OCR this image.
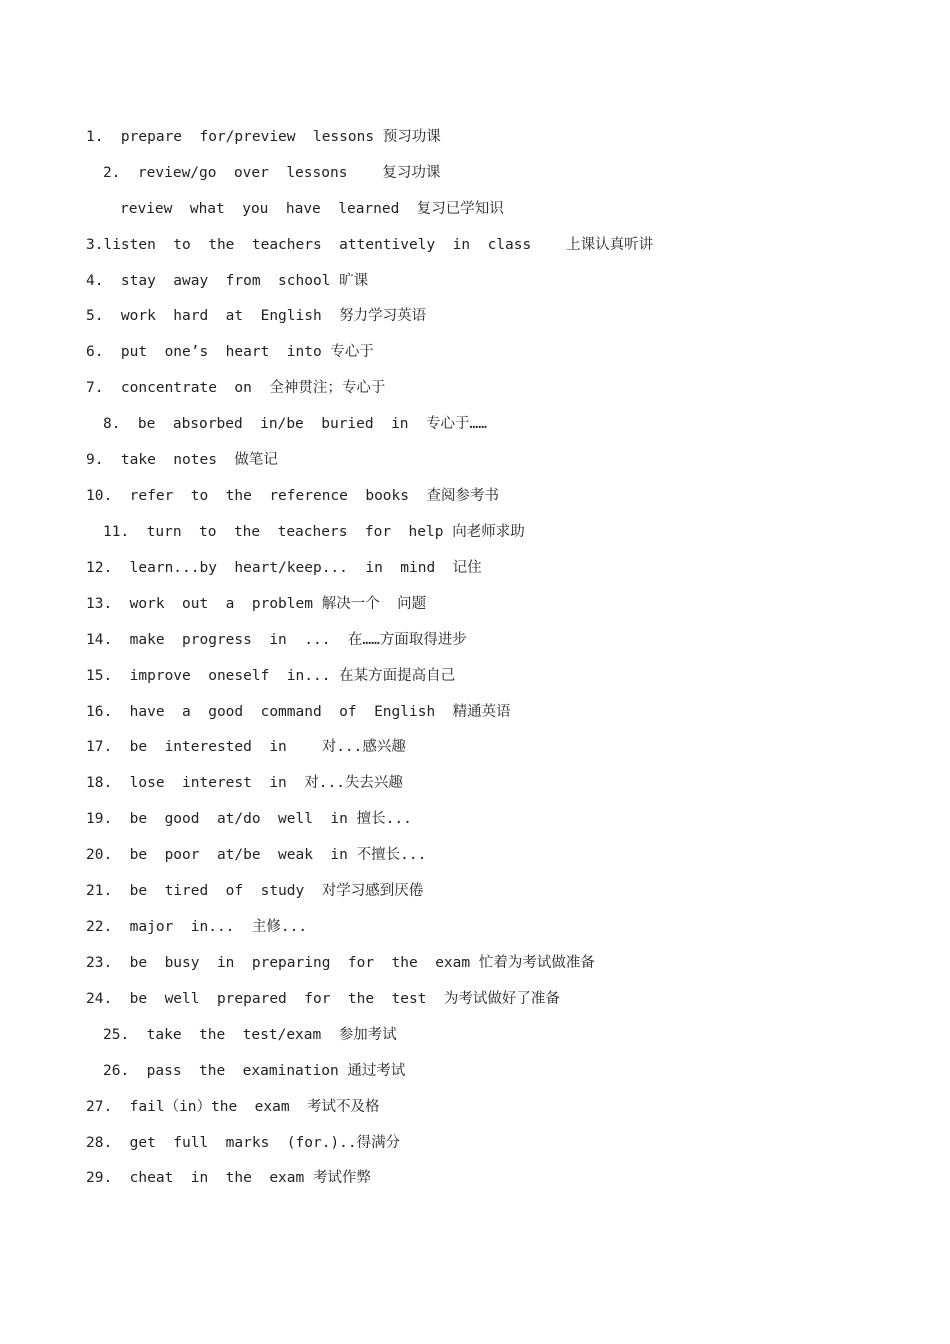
1.  prepare  for/preview  lessons 预习功课
2.  review/go  over  lessons    复习功课
review  what  you  have  learned  复习已学知识
3.listen  to  the  teachers  attentively  in  class    上课认真听讲
4.  stay  away  from  school 旷课
5.  work  hard  at  English  努力学习英语
6.  put  one’s  heart  into 专心于
7.  concentrate  on  全神贯注；专心于
8.  be  absorbed  in/be  buried  in  专心于……
9.  take  notes  做笔记
10.  refer  to  the  reference  books  查阅参考书
11.  turn  to  the  teachers  for  help 向老师求助
12.  learn...by  heart/keep...  in  mind  记住
13.  work  out  a  problem 解决一个  问题
14.  make  progress  in  ...  在……方面取得进步
15.  improve  oneself  in... 在某方面提高自己
16.  have  a  good  command  of  English  精通英语
17.  be  interested  in    对...感兴趣
18.  lose  interest  in  对...失去兴趣
19.  be  good  at/do  well  in 擅长...
20.  be  poor  at/be  weak  in 不擅长...
21.  be  tired  of  study  对学习感到厌倦
22.  major  in...  主修...
23.  be  busy  in  preparing  for  the  exam 忙着为考试做准备
24.  be  well  prepared  for  the  test  为考试做好了准备
25.  take  the  test/exam  参加考试
26.  pass  the  examination 通过考试
27.  fail（in）the  exam  考试不及格
28.  get  full  marks  (for.)..得满分
29.  cheat  in  the  exam 考试作弊
